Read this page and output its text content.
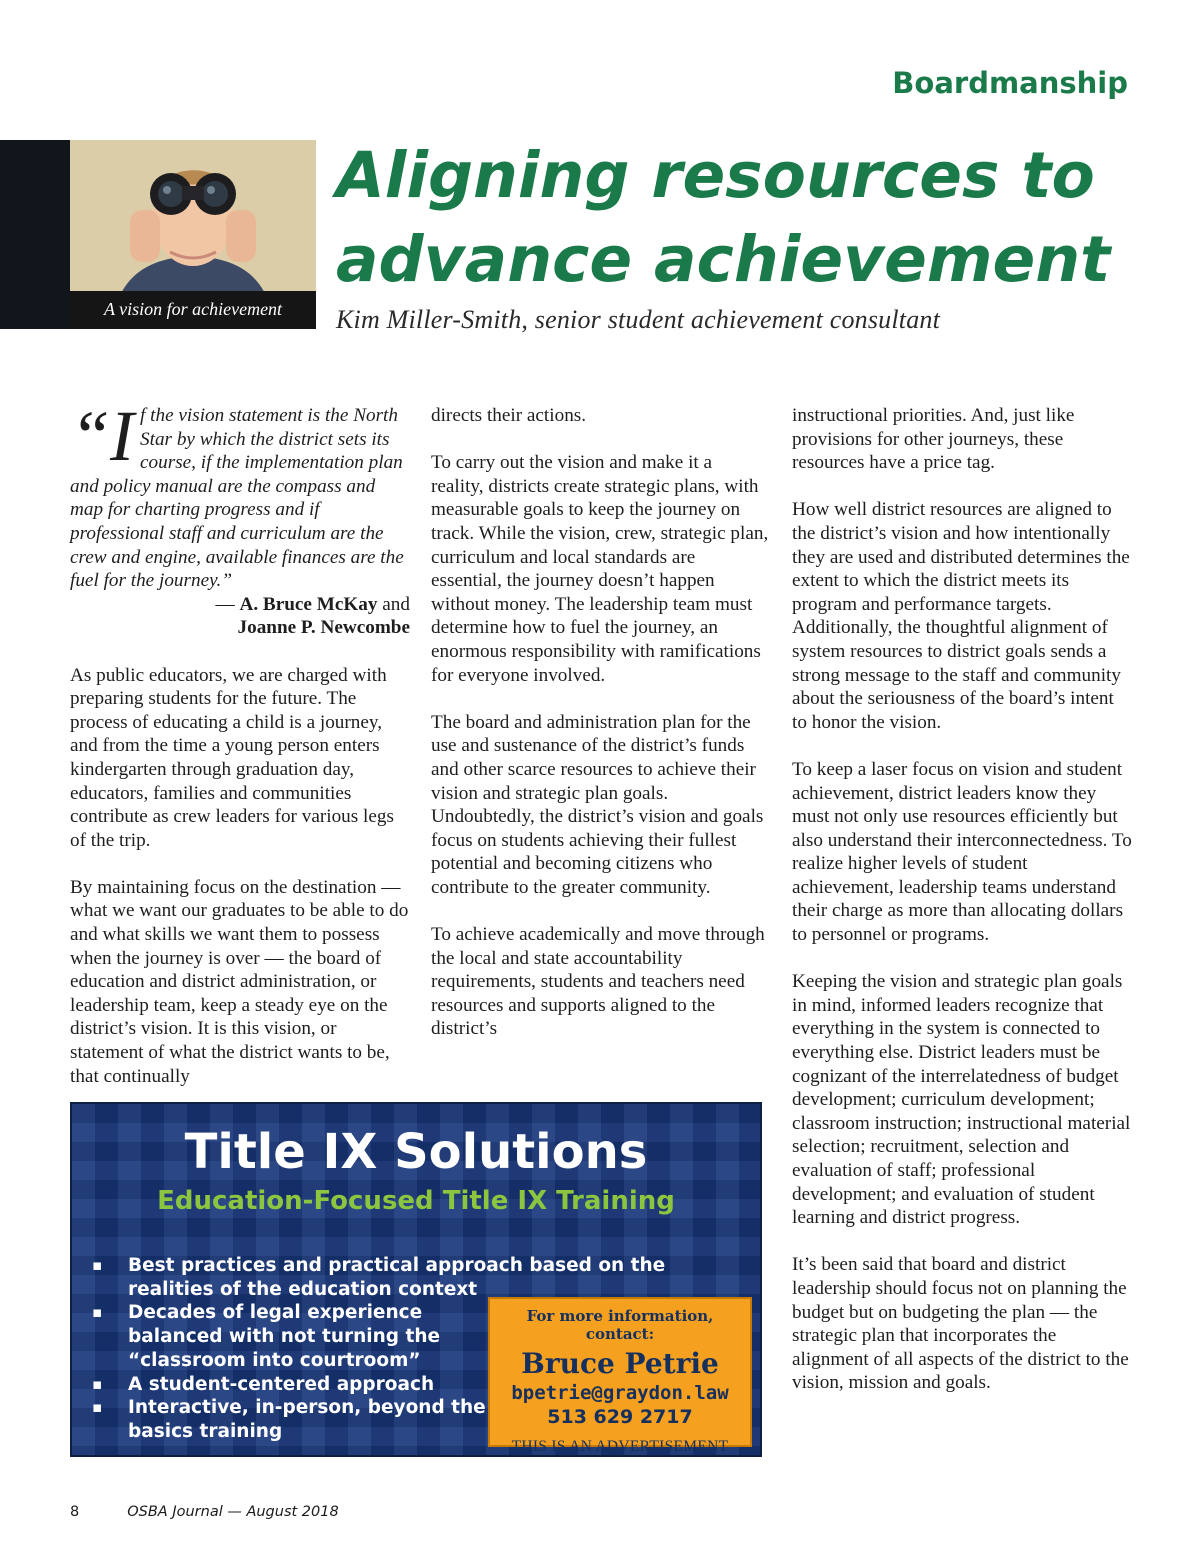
Boardmanship
A vision for achievement
Aligning resources to
advance achievement
Kim Miller-Smith, senior student achievement consultant
“If the vision statement is the North Star by which the district sets its course, if the implementation plan and policy manual are the compass and map for charting progress and if professional staff and curriculum are the crew and engine, available finances are the fuel for the journey.”
— A. Bruce McKay and
Joanne P. Newcombe

As public educators, we are charged with preparing students for the future. The process of educating a child is a journey, and from the time a young person enters kindergarten through graduation day, educators, families and communities contribute as crew leaders for various legs of the trip.

By maintaining focus on the destination — what we want our graduates to be able to do and what skills we want them to possess when the journey is over — the board of education and district administration, or leadership team, keep a steady eye on the district’s vision. It is this vision, or statement of what the district wants to be, that continually

directs their actions.

To carry out the vision and make it a reality, districts create strategic plans, with measurable goals to keep the journey on track. While the vision, crew, strategic plan, curriculum and local standards are essential, the journey doesn’t happen without money. The leadership team must determine how to fuel the journey, an enormous responsibility with ramifications for everyone involved.

The board and administration plan for the use and sustenance of the district’s funds and other scarce resources to achieve their vision and strategic plan goals. Undoubtedly, the district’s vision and goals focus on students achieving their fullest potential and becoming citizens who contribute to the greater community.

To achieve academically and move through the local and state accountability requirements, students and teachers need resources and supports aligned to the district’s

instructional priorities. And, just like provisions for other journeys, these resources have a price tag.

How well district resources are aligned to the district’s vision and how intentionally they are used and distributed determines the extent to which the district meets its program and performance targets. Additionally, the thoughtful alignment of system resources to district goals sends a strong message to the staff and community about the seriousness of the board’s intent to honor the vision.

To keep a laser focus on vision and student achievement, district leaders know they must not only use resources efficiently but also understand their interconnectedness. To realize higher levels of student achievement, leadership teams understand their charge as more than allocating dollars to personnel or programs.

Keeping the vision and strategic plan goals in mind, informed leaders recognize that everything in the system is connected to everything else. District leaders must be cognizant of the interrelatedness of budget development; curriculum development; classroom instruction; instructional material selection; recruitment, selection and evaluation of staff; professional development; and evaluation of student learning and district progress.

It’s been said that board and district leadership should focus not on planning the budget but on budgeting the plan — the strategic plan that incorporates the alignment of all aspects of the district to the vision, mission and goals.

Title IX Solutions
Education-Focused Title IX Training
▪ Best practices and practical approach based on the realities of the education context
▪ Decades of legal experience balanced with not turning the “classroom into courtroom”
▪ A student-centered approach
▪ Interactive, in-person, beyond the basics training
For more information, contact:
Bruce Petrie
bpetrie@graydon.law
513 629 2717
THIS IS AN ADVERTISEMENT
8	OSBA Journal — August 2018
